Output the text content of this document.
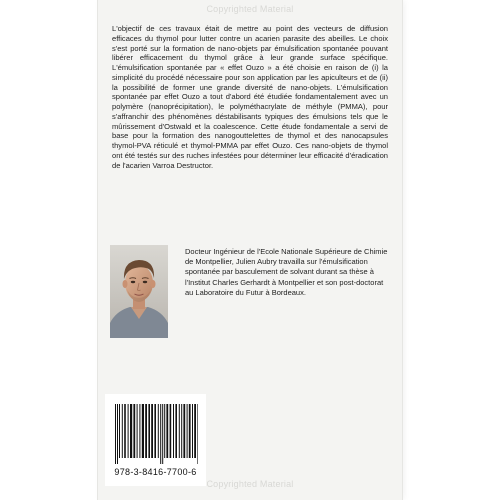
Copyrighted Material

L'objectif de ces travaux était de mettre au point des vecteurs de diffusion efficaces du thymol pour lutter contre un acarien parasite des abeilles. Le choix s'est porté sur la formation de nano-objets par émulsification spontanée pouvant libérer efficacement du thymol grâce à leur grande surface spécifique. L'émulsification spontanée par « effet Ouzo » a été choisie en raison de (i) la simplicité du procédé nécessaire pour son application par les apiculteurs et de (ii) la possibilité de former une grande diversité de nano-objets. L'émulsification spontanée par effet Ouzo a tout d'abord été étudiée fondamentalement avec un polymère (nanoprécipitation), le polyméthacrylate de méthyle (PMMA), pour s'affranchir des phénomènes déstabilisants typiques des émulsions tels que le mûrissement d'Ostwald et la coalescence. Cette étude fondamentale a servi de base pour la formation des nanogouttelettes de thymol et des nanocapsules thymol-PVA réticulé et thymol-PMMA par effet Ouzo. Ces nano-objets de thymol ont été testés sur des ruches infestées pour déterminer leur efficacité d'éradication de l'acarien Varroa Destructor.

Docteur Ingénieur de l'Ecole Nationale Supérieure de Chimie de Montpellier, Julien Aubry travailla sur l'émulsification spontanée par basculement de solvant durant sa thèse à l'Institut Charles Gerhardt à Montpellier et son post-doctorat au Laboratoire du Futur à Bordeaux.

978-3-8416-7700-6
Copyrighted Material
